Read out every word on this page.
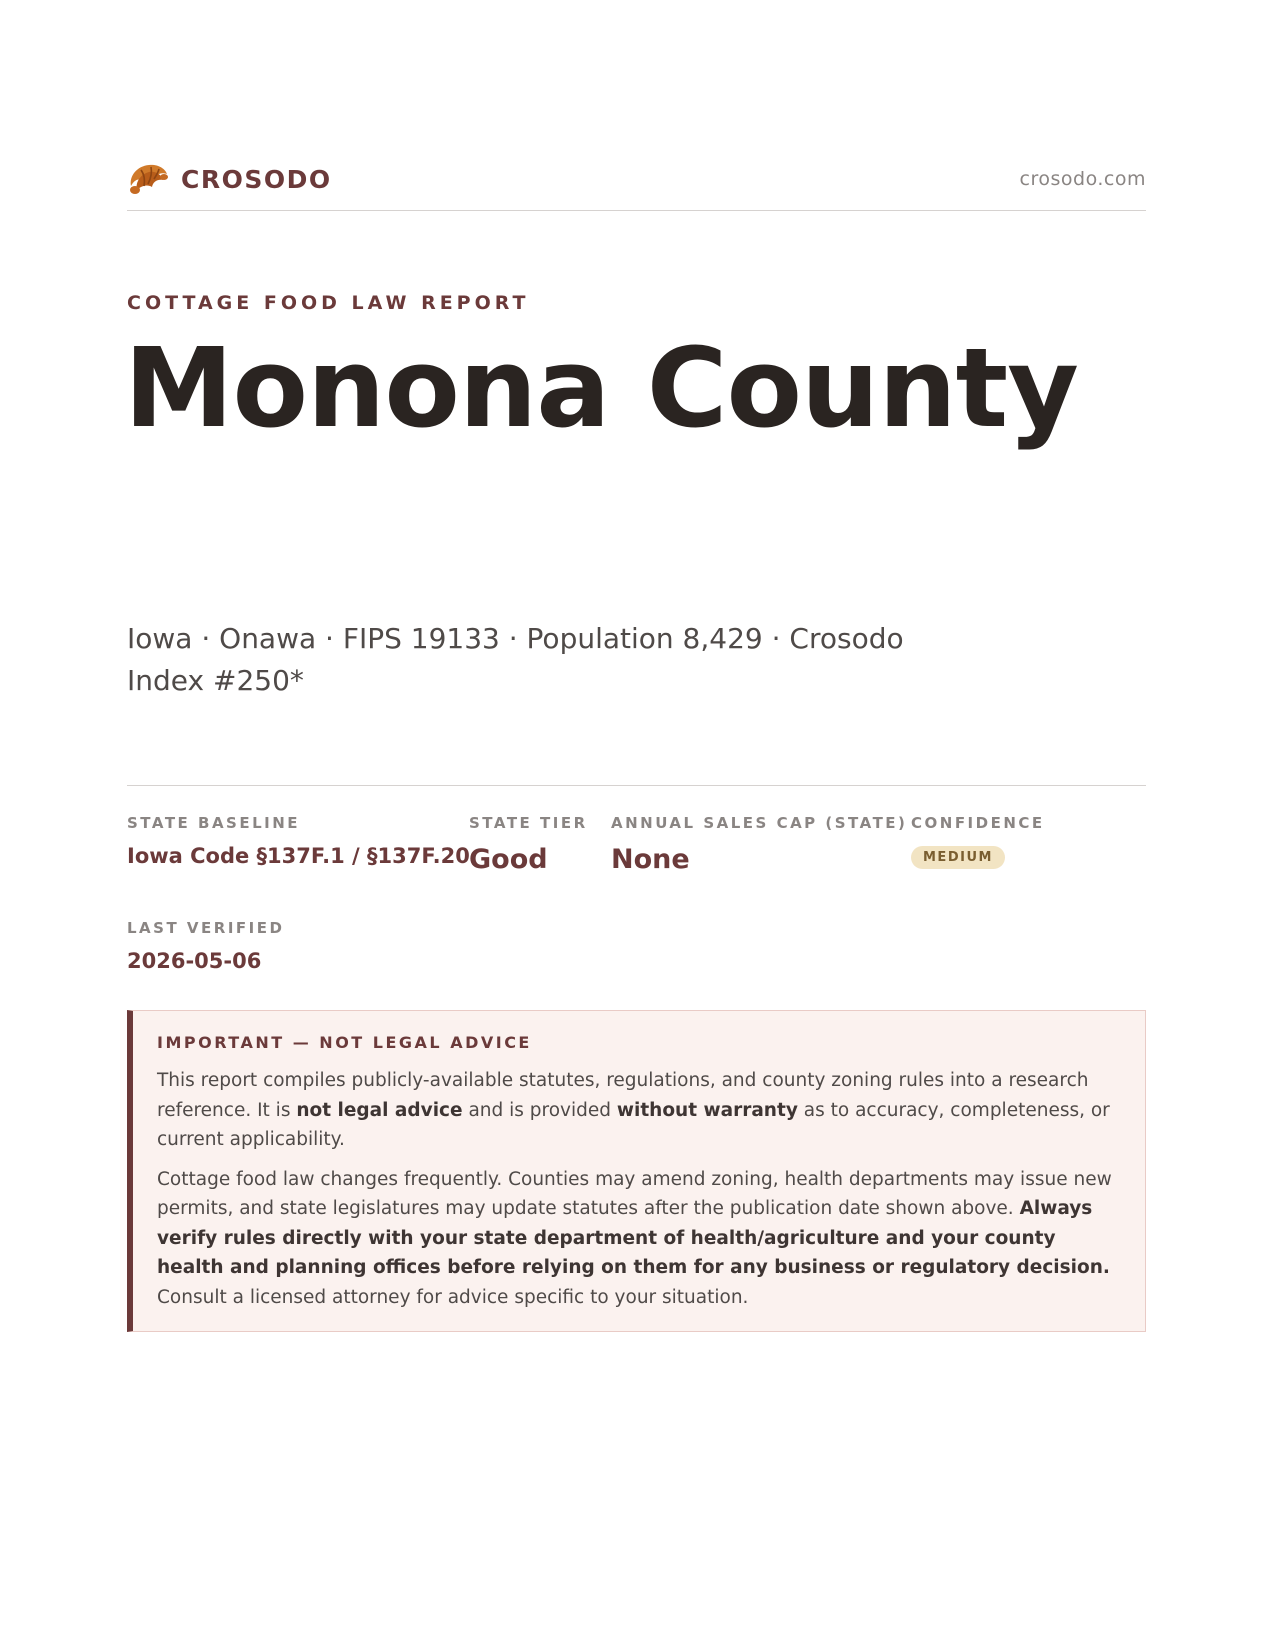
CROSODO	crosodo.com
COTTAGE FOOD LAW REPORT
Monona County
Iowa · Onawa · FIPS 19133 · Population 8,429 · Crosodo Index #250*
STATE BASELINE
Iowa Code §137F.1 / §137F.20
STATE TIER
Good
ANNUAL SALES CAP (STATE)
None
CONFIDENCE
MEDIUM
LAST VERIFIED
2026-05-06
IMPORTANT — NOT LEGAL ADVICE

This report compiles publicly-available statutes, regulations, and county zoning rules into a research reference. It is not legal advice and is provided without warranty as to accuracy, completeness, or current applicability.

Cottage food law changes frequently. Counties may amend zoning, health departments may issue new permits, and state legislatures may update statutes after the publication date shown above. Always verify rules directly with your state department of health/agriculture and your county health and planning offices before relying on them for any business or regulatory decision. Consult a licensed attorney for advice specific to your situation.
